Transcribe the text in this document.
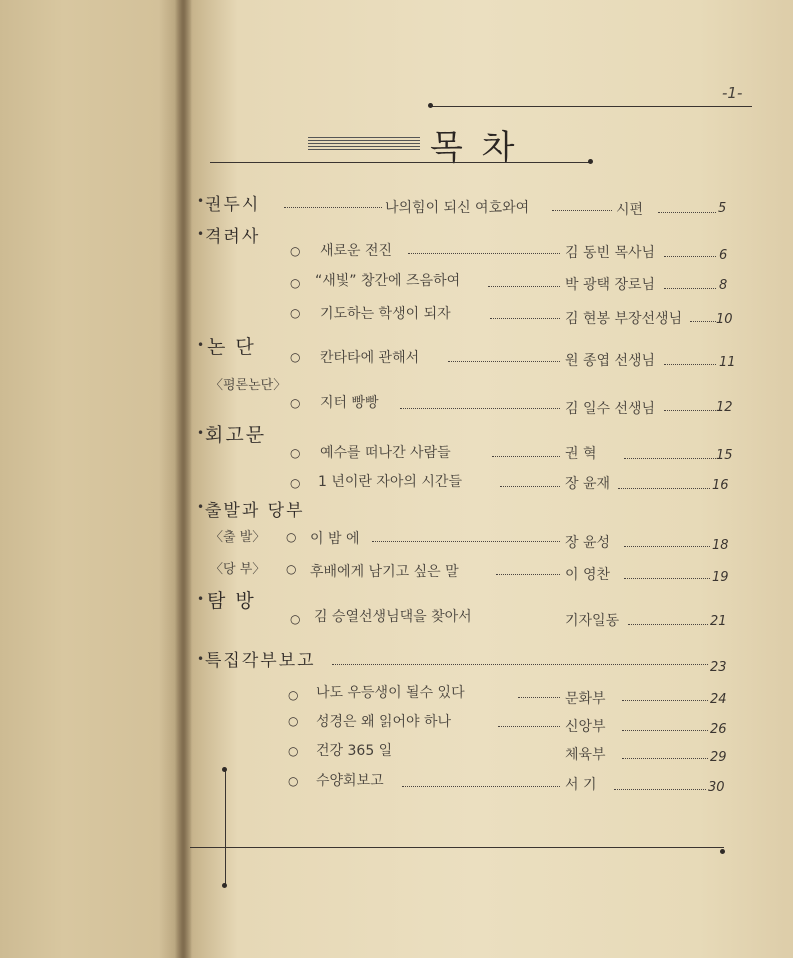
-1-
목 차
• 권두시	나의힘이 되신 여호와여	시편	5
• 격려사
○ 새로운 전진	김 동빈 목사님	6
○ “새빛” 창간에 즈음하여	박 광택 장로님	8
○ 기도하는 학생이 되자	김 현봉 부장선생님	10
• 논 단
〈평론논단〉
○ 칸타타에 관해서	원 종엽 선생님	11
○ 지터 빵빵	김 일수 선생님	12
• 회고문
○ 예수를 떠나간 사람들	권 혁	15
○ 1 년이란 자아의 시간들	장 윤재	16
• 출발과 당부
〈출 발〉 ○ 이 밤 에	장 윤성	18
〈당 부〉 ○ 후배에게 남기고 싶은 말	이 영찬	19
• 탐 방
○ 김 승열선생님댁을 찾아서	기자일동	21
• 특집각부보고	23
○ 나도 우등생이 될수 있다	문화부	24
○ 성경은 왜 읽어야 하나	신앙부	26
○ 건강 365 일	체육부	29
○ 수양회보고	서 기	30
